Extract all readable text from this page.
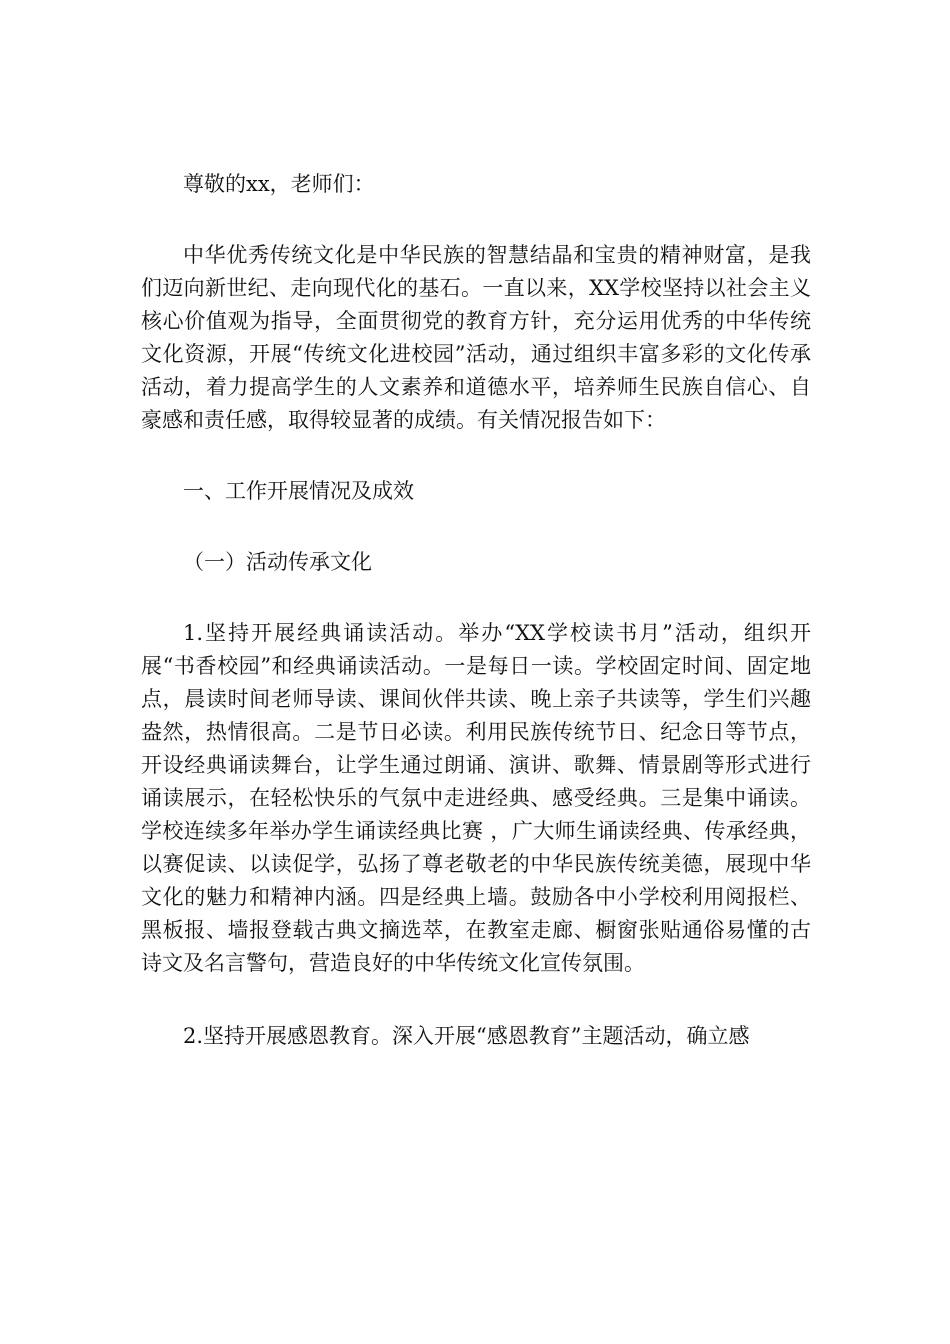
尊敬的xx，老师们：

中华优秀传统文化是中华民族的智慧结晶和宝贵的精神财富，是我们迈向新世纪、走向现代化的基石。一直以来，XX学校坚持以社会主义核心价值观为指导，全面贯彻党的教育方针，充分运用优秀的中华传统文化资源，开展“传统文化进校园”活动，通过组织丰富多彩的文化传承活动，着力提高学生的人文素养和道德水平，培养师生民族自信心、自豪感和责任感，取得较显著的成绩。有关情况报告如下：

一、工作开展情况及成效

（一）活动传承文化

1.坚持开展经典诵读活动。举办“XX学校读书月”活动，组织开展“书香校园”和经典诵读活动。一是每日一读。学校固定时间、固定地点，晨读时间老师导读、课间伙伴共读、晚上亲子共读等，学生们兴趣盎然，热情很高。二是节日必读。利用民族传统节日、纪念日等节点，开设经典诵读舞台，让学生通过朗诵、演讲、歌舞、情景剧等形式进行诵读展示，在轻松快乐的气氛中走进经典、感受经典。三是集中诵读。学校连续多年举办学生诵读经典比赛 ，广大师生诵读经典、传承经典，以赛促读、以读促学，弘扬了尊老敬老的中华民族传统美德，展现中华文化的魅力和精神内涵。四是经典上墙。鼓励各中小学校利用阅报栏、黑板报、墙报登载古典文摘选萃，在教室走廊、橱窗张贴通俗易懂的古诗文及名言警句，营造良好的中华传统文化宣传氛围。

2.坚持开展感恩教育。深入开展“感恩教育”主题活动，确立感
